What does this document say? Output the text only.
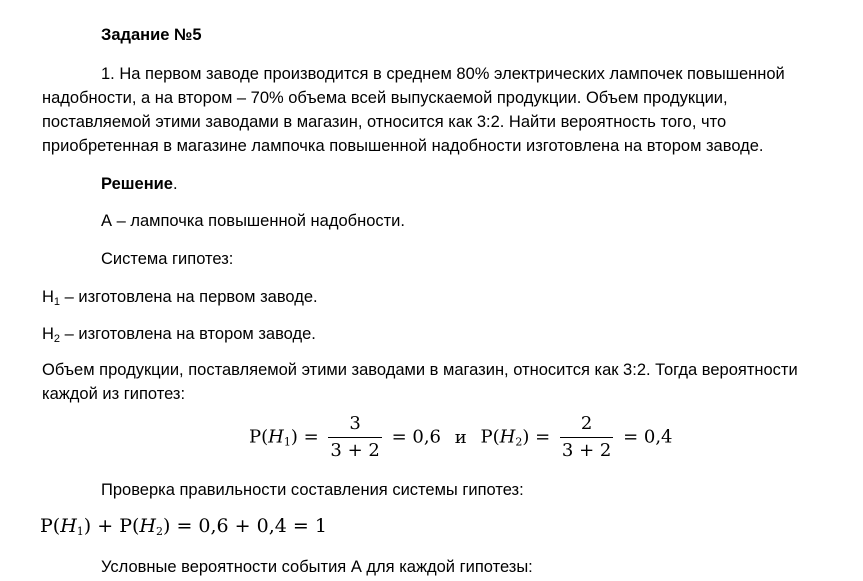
Задание №5

1. На первом заводе производится в среднем 80% электрических лампочек повышенной надобности, а на втором – 70% объема всей выпускаемой продукции. Объем продукции, поставляемой этими заводами в магазин, относится как 3:2. Найти вероятность того, что приобретенная в магазине лампочка повышенной надобности изготовлена на втором заводе.

Решение.

А – лампочка повышенной надобности.

Система гипотез:

$H_1$ – изготовлена на первом заводе.

$H_2$ – изготовлена на втором заводе.

Объем продукции, поставляемой этими заводами в магазин, относится как 3:2. Тогда вероятности каждой из гипотез:

$P(H_1) = \frac{3}{3 + 2} = 0,6$ и $P(H_2) = \frac{2}{3 + 2} = 0,4$

Проверка правильности составления системы гипотез:

$P(H_1) + P(H_2) = 0,6 + 0,4 = 1$

Условные вероятности события А для каждой гипотезы:
